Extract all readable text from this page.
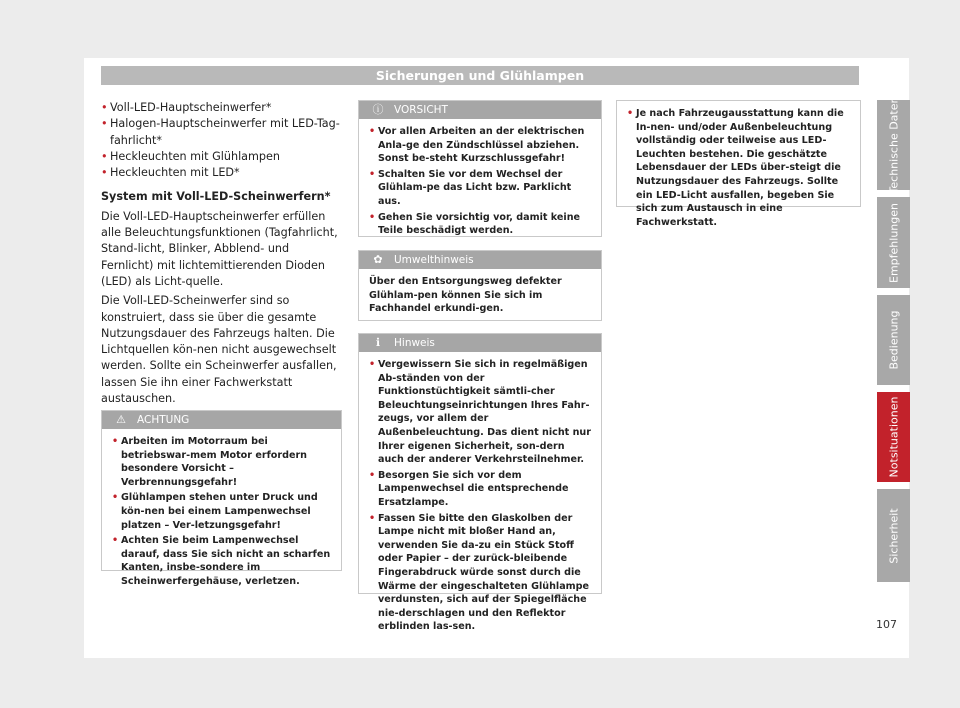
Sicherungen und Glühlampen
• Voll-LED-Hauptscheinwerfer*
• Halogen-Hauptscheinwerfer mit LED-Tag-fahrlicht*
• Heckleuchten mit Glühlampen
• Heckleuchten mit LED*

System mit Voll-LED-Scheinwerfern*

Die Voll-LED-Hauptscheinwerfer erfüllen alle Beleuchtungsfunktionen (Tagfahrlicht, Stand-licht, Blinker, Abblend- und Fernlicht) mit lichtemittierenden Dioden (LED) als Licht-quelle.

Die Voll-LED-Scheinwerfer sind so konstruiert, dass sie über die gesamte Nutzungsdauer des Fahrzeugs halten. Die Lichtquellen kön-nen nicht ausgewechselt werden. Sollte ein Scheinwerfer ausfallen, lassen Sie ihn einer Fachwerkstatt austauschen.

⚠ ACHTUNG
• Arbeiten im Motorraum bei betriebswar-mem Motor erfordern besondere Vorsicht – Verbrennungsgefahr!
• Glühlampen stehen unter Druck und kön-nen bei einem Lampenwechsel platzen – Ver-letzungsgefahr!
• Achten Sie beim Lampenwechsel darauf, dass Sie sich nicht an scharfen Kanten, insbe-sondere im Scheinwerfergehäuse, verletzen.
ⓘ VORSICHT
• Vor allen Arbeiten an der elektrischen Anla-ge den Zündschlüssel abziehen. Sonst be-steht Kurzschlussgefahr!
• Schalten Sie vor dem Wechsel der Glühlam-pe das Licht bzw. Parklicht aus.
• Gehen Sie vorsichtig vor, damit keine Teile beschädigt werden.
✿ Umwelthinweis

Über den Entsorgungsweg defekter Glühlam-pen können Sie sich im Fachhandel erkundi-gen.

ℹ Hinweis
• Vergewissern Sie sich in regelmäßigen Ab-ständen von der Funktionstüchtigkeit sämtli-cher Beleuchtungseinrichtungen Ihres Fahr-zeugs, vor allem der Außenbeleuchtung. Das dient nicht nur Ihrer eigenen Sicherheit, son-dern auch der anderer Verkehrsteilnehmer.
• Besorgen Sie sich vor dem Lampenwechsel die entsprechende Ersatzlampe.
• Fassen Sie bitte den Glaskolben der Lampe nicht mit bloßer Hand an, verwenden Sie da-zu ein Stück Stoff oder Papier – der zurück-bleibende Fingerabdruck würde sonst durch die Wärme der eingeschalteten Glühlampe verdunsten, sich auf der Spiegelfläche nie-derschlagen und den Reflektor erblinden las-sen.
• Je nach Fahrzeugausstattung kann die In-nen- und/oder Außenbeleuchtung vollständig oder teilweise aus LED-Leuchten bestehen. Die geschätzte Lebensdauer der LEDs über-steigt die Nutzungsdauer des Fahrzeugs. Sollte ein LED-Licht ausfallen, begeben Sie sich zum Austausch in eine Fachwerkstatt.
Technische Daten
Empfehlungen
Bedienung
Notsituationen
Sicherheit
107
